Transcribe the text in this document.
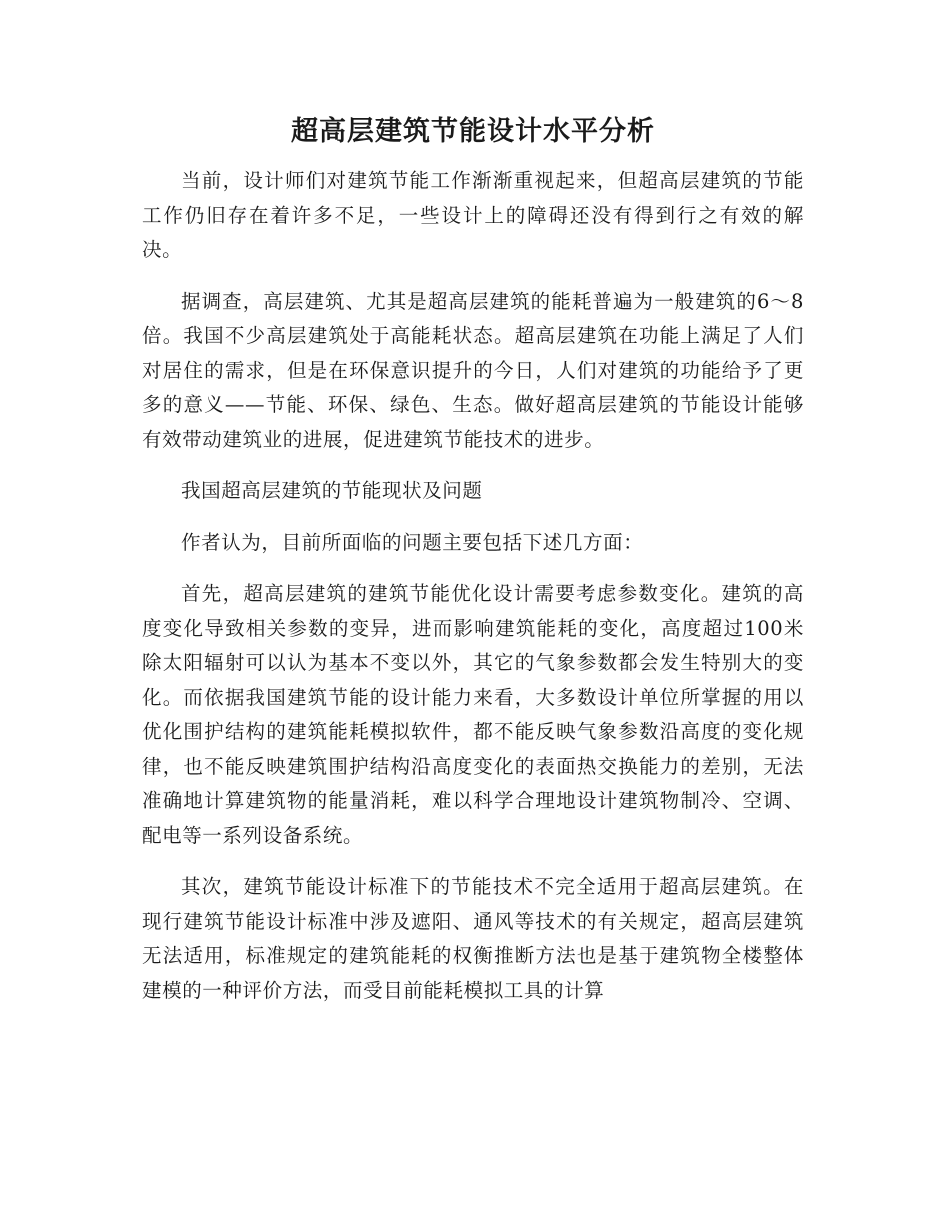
超高层建筑节能设计水平分析

当前，设计师们对建筑节能工作渐渐重视起来，但超高层建筑的节能工作仍旧存在着许多不足，一些设计上的障碍还没有得到行之有效的解决。

据调查，高层建筑、尤其是超高层建筑的能耗普遍为一般建筑的6～8倍。我国不少高层建筑处于高能耗状态。超高层建筑在功能上满足了人们对居住的需求，但是在环保意识提升的今日，人们对建筑的功能给予了更多的意义——节能、环保、绿色、生态。做好超高层建筑的节能设计能够有效带动建筑业的进展，促进建筑节能技术的进步。

我国超高层建筑的节能现状及问题

作者认为，目前所面临的问题主要包括下述几方面：

首先，超高层建筑的建筑节能优化设计需要考虑参数变化。建筑的高度变化导致相关参数的变异，进而影响建筑能耗的变化，高度超过100米除太阳辐射可以认为基本不变以外，其它的气象参数都会发生特别大的变化。而依据我国建筑节能的设计能力来看，大多数设计单位所掌握的用以优化围护结构的建筑能耗模拟软件，都不能反映气象参数沿高度的变化规律，也不能反映建筑围护结构沿高度变化的表面热交换能力的差别，无法准确地计算建筑物的能量消耗，难以科学合理地设计建筑物制冷、空调、配电等一系列设备系统。

其次，建筑节能设计标准下的节能技术不完全适用于超高层建筑。在现行建筑节能设计标准中涉及遮阳、通风等技术的有关规定，超高层建筑无法适用，标准规定的建筑能耗的权衡推断方法也是基于建筑物全楼整体建模的一种评价方法，而受目前能耗模拟工具的计算
